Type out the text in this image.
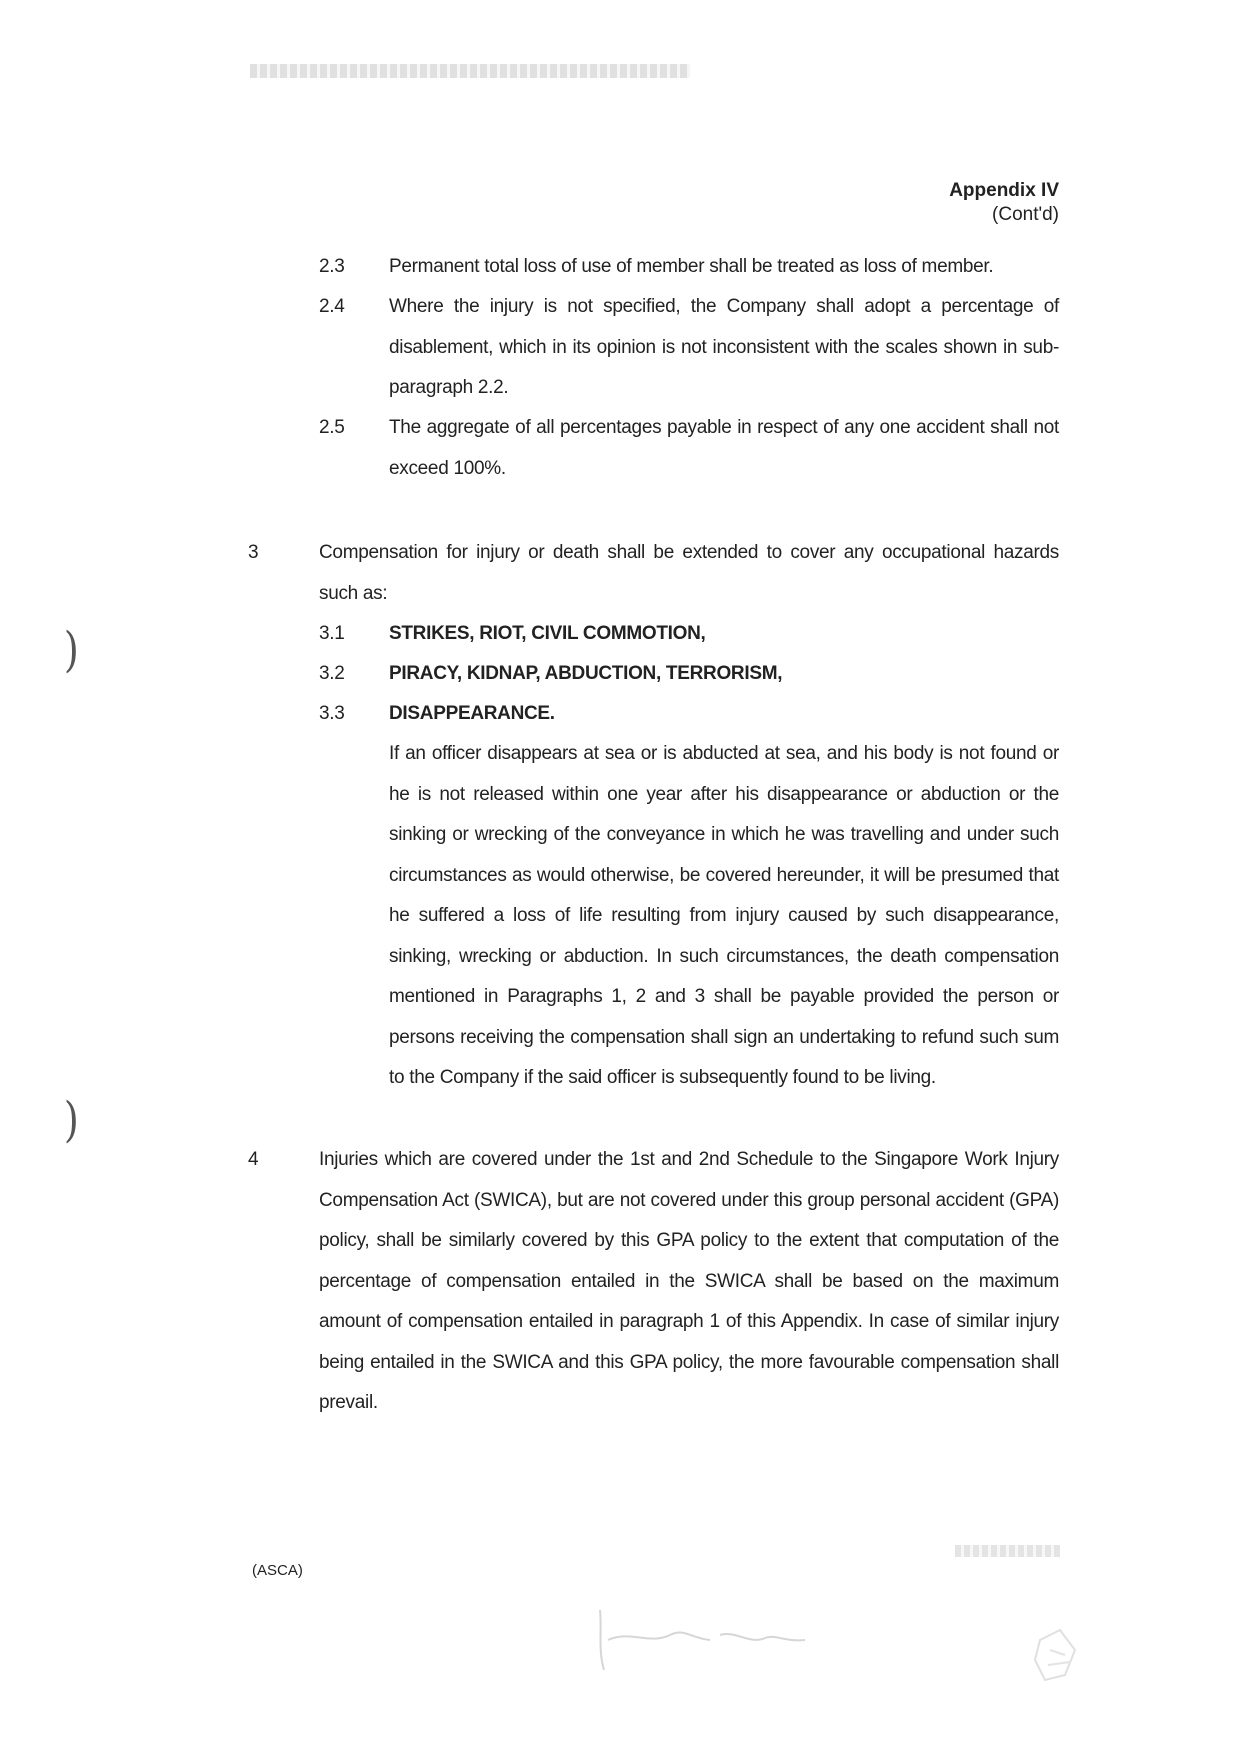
Appendix IV
(Cont'd)
2.3 Permanent total loss of use of member shall be treated as loss of member.
2.4 Where the injury is not specified, the Company shall adopt a percentage of disablement, which in its opinion is not inconsistent with the scales shown in sub-paragraph 2.2.
2.5 The aggregate of all percentages payable in respect of any one accident shall not exceed 100%.
3	Compensation for injury or death shall be extended to cover any occupational hazards such as:
3.1 STRIKES, RIOT, CIVIL COMMOTION,
3.2 PIRACY, KIDNAP, ABDUCTION, TERRORISM,
3.3 DISAPPEARANCE.
If an officer disappears at sea or is abducted at sea, and his body is not found or he is not released within one year after his disappearance or abduction or the sinking or wrecking of the conveyance in which he was travelling and under such circumstances as would otherwise, be covered hereunder, it will be presumed that he suffered a loss of life resulting from injury caused by such disappearance, sinking, wrecking or abduction. In such circumstances, the death compensation mentioned in Paragraphs 1, 2 and 3 shall be payable provided the person or persons receiving the compensation shall sign an undertaking to refund such sum to the Company if the said officer is subsequently found to be living.
4	Injuries which are covered under the 1st and 2nd Schedule to the Singapore Work Injury Compensation Act (SWICA), but are not covered under this group personal accident (GPA) policy, shall be similarly covered by this GPA policy to the extent that computation of the percentage of compensation entailed in the SWICA shall be based on the maximum amount of compensation entailed in paragraph 1 of this Appendix. In case of similar injury being entailed in the SWICA and this GPA policy, the more favourable compensation shall prevail.
)
)
(ASCA)
